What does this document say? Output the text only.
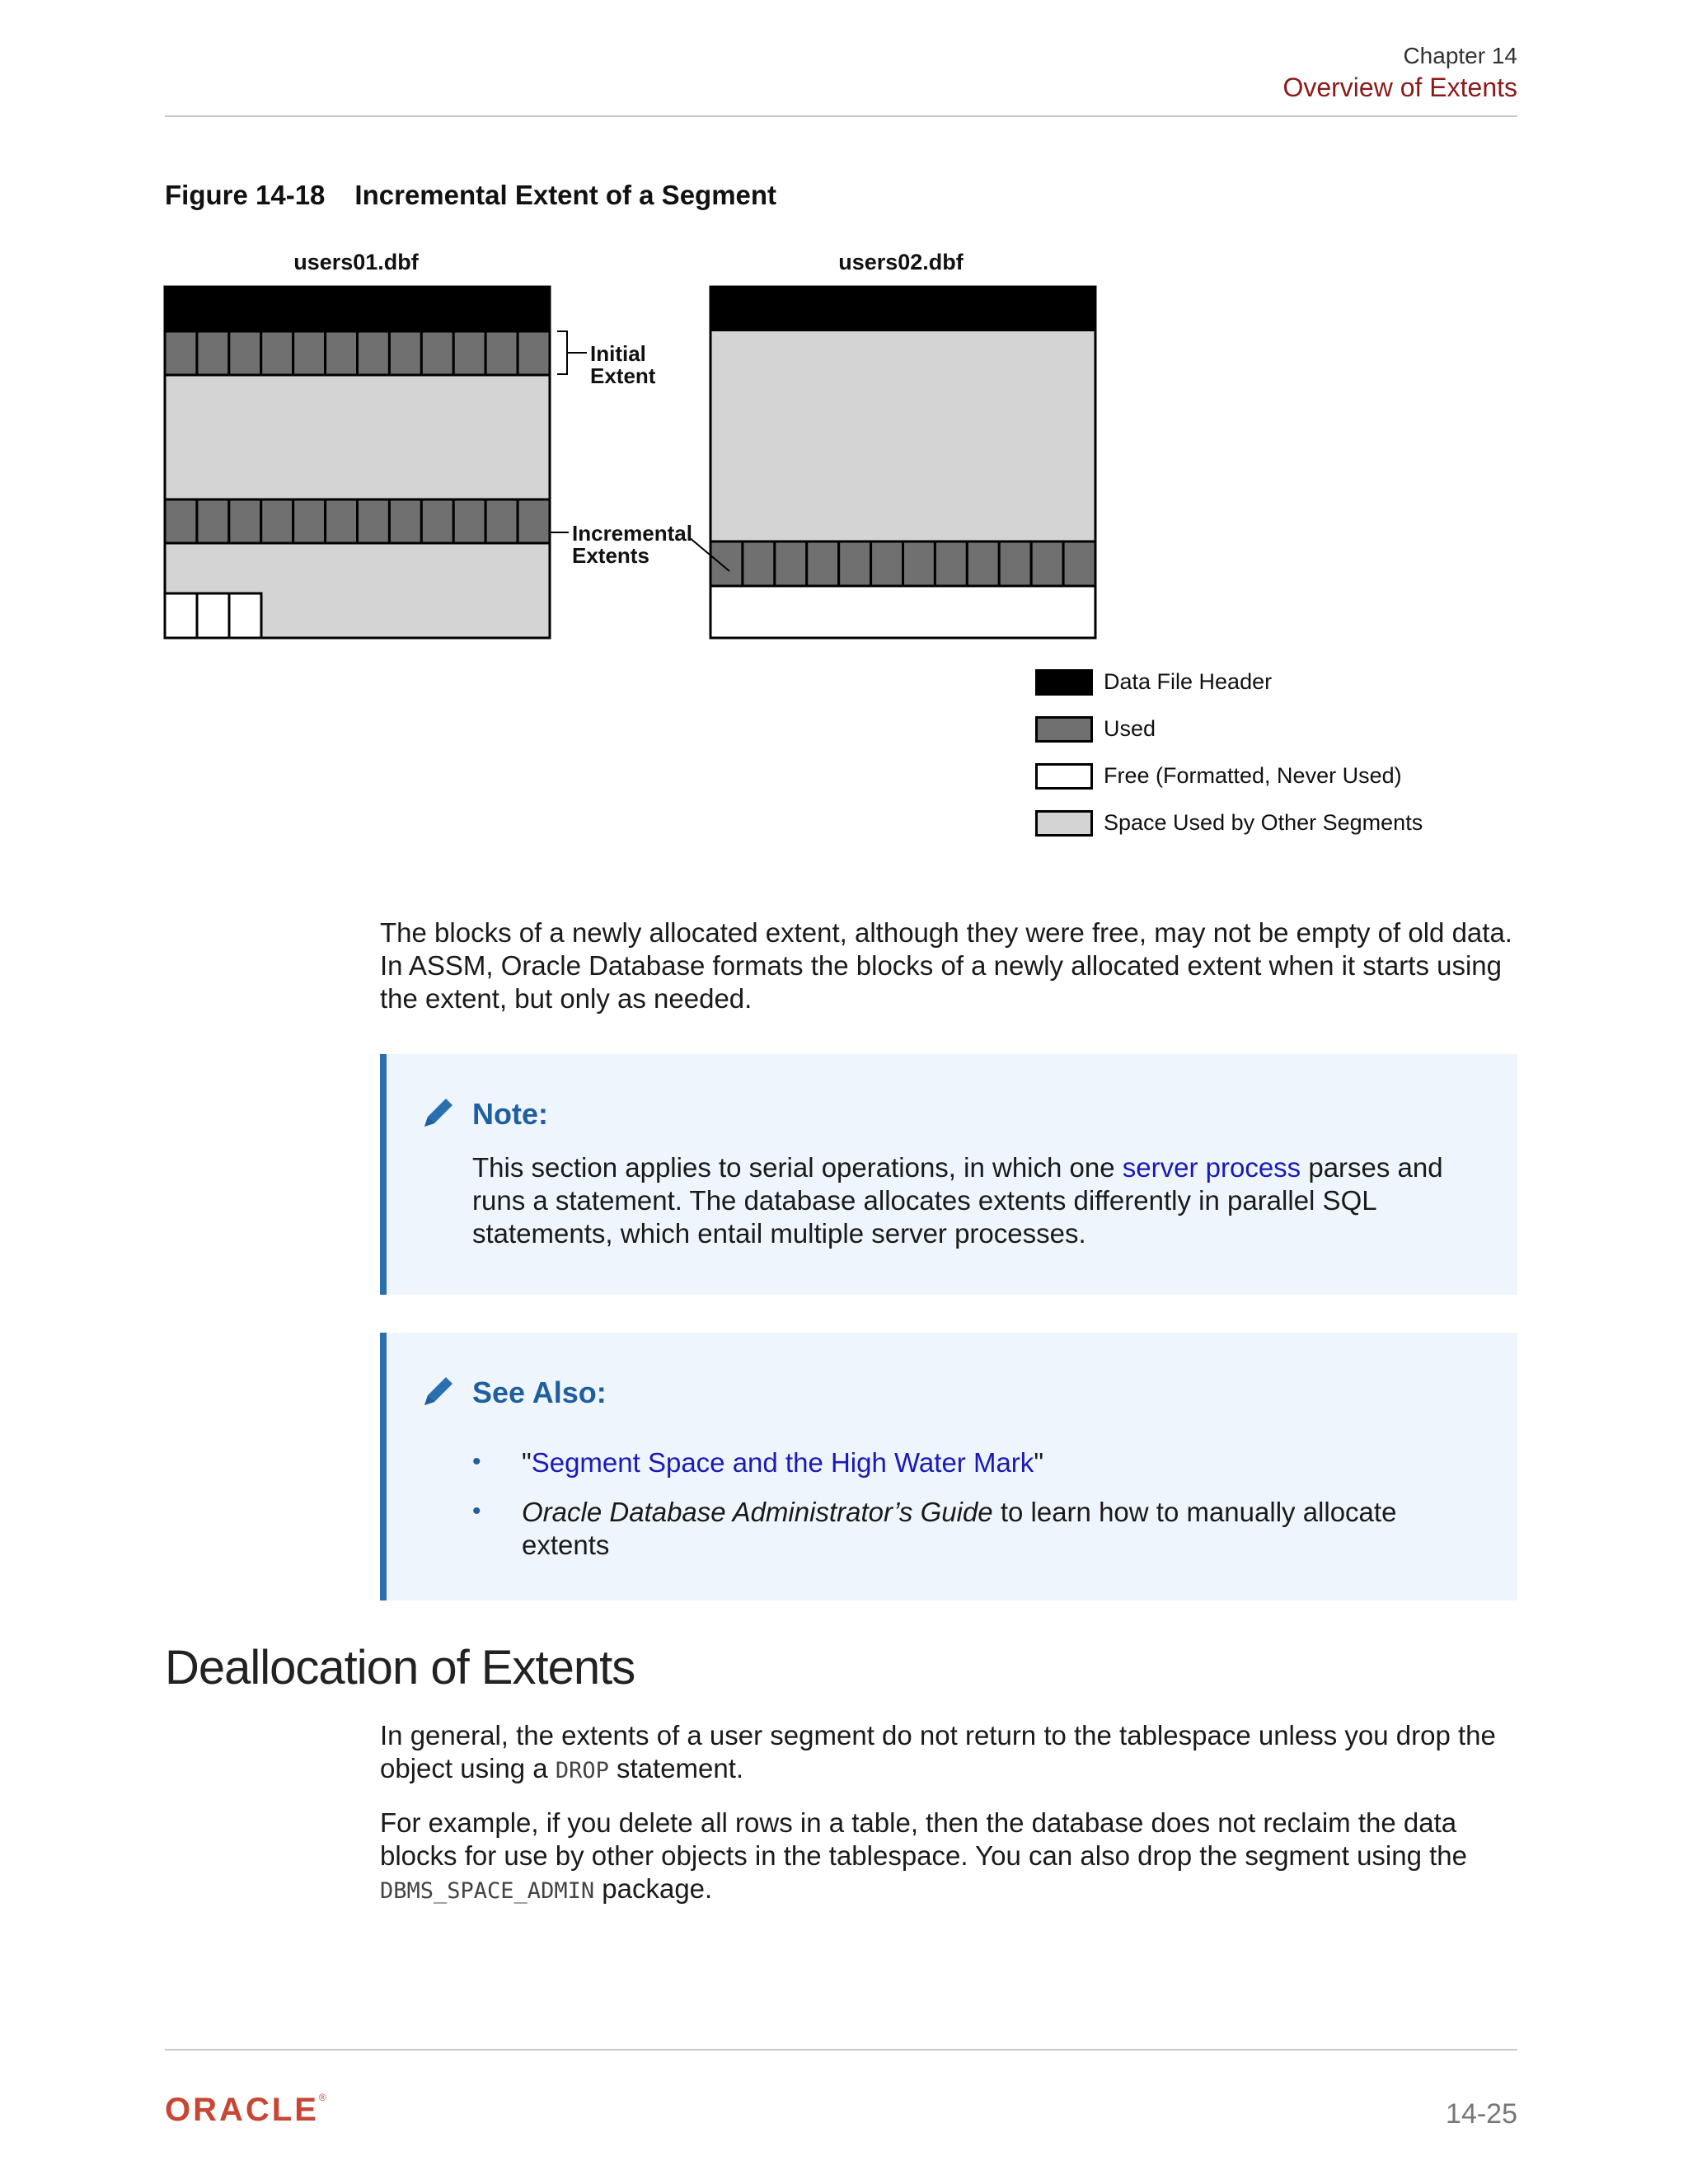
Chapter 14
Overview of Extents
Figure 14-18 Incremental Extent of a Segment
users01.dbf	users02.dbf
Initial
Extent
Incremental
Extents
Data File Header
Used
Free (Formatted, Never Used)
Space Used by Other Segments
The blocks of a newly allocated extent, although they were free, may not be empty of old data. In ASSM, Oracle Database formats the blocks of a newly allocated extent when it starts using the extent, but only as needed.
Note:
This section applies to serial operations, in which one server process parses and runs a statement. The database allocates extents differently in parallel SQL statements, which entail multiple server processes.
See Also:
• "Segment Space and the High Water Mark"
• Oracle Database Administrator’s Guide to learn how to manually allocate extents
Deallocation of Extents
In general, the extents of a user segment do not return to the tablespace unless you drop the object using a DROP statement.
For example, if you delete all rows in a table, then the database does not reclaim the data blocks for use by other objects in the tablespace. You can also drop the segment using the DBMS_SPACE_ADMIN package.
ORACLE®
14-25
